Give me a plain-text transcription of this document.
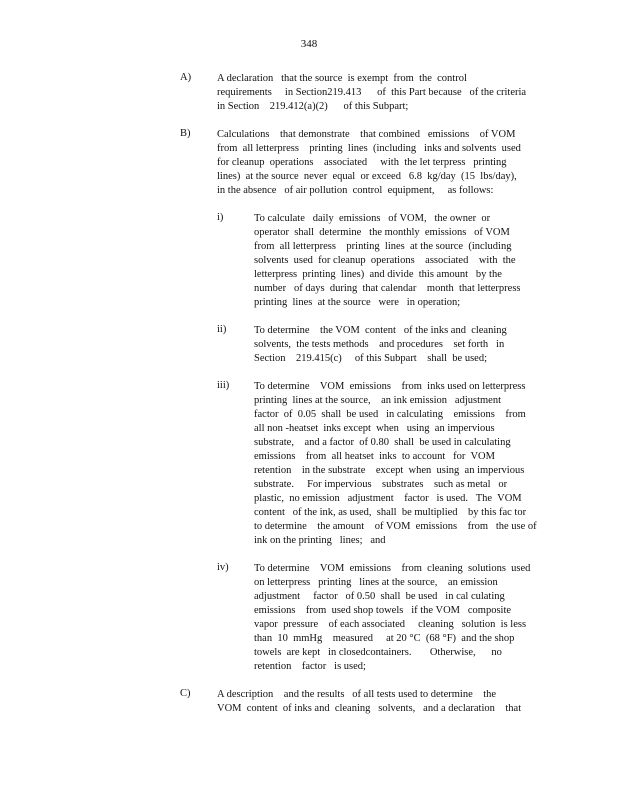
348
A) A declaration   that the source  is exempt  from  the  control
requirements     in Section219.413      of  this Part because   of the criteria
in Section    219.412(a)(2)      of this Subpart;
B)	Calculations    that demonstrate    that combined   emissions    of VOM
from  all letterpress    printing  lines  (including   inks and solvents  used
for cleanup  operations    associated     with  the let terpress   printing
lines)  at the source  never  equal  or exceed   6.8  kg/day  (15  lbs/day),
in the absence   of air pollution  control  equipment,     as follows:
i)	To calculate   daily  emissions   of VOM,   the owner  or
operator  shall  determine   the monthly  emissions   of VOM
from  all letterpress    printing  lines  at the source  (including
solvents  used  for cleanup  operations    associated    with  the
letterpress  printing  lines)  and divide  this amount   by the
number   of days  during  that calendar    month  that letterpress
printing  lines  at the source   were   in operation;
ii)	To determine    the VOM  content   of the inks and  cleaning
solvents,  the tests methods    and procedures    set forth   in
Section    219.415(c)     of this Subpart    shall  be used;
iii) To determine    VOM  emissions    from  inks used on letterpress
printing  lines at the source,    an ink emission   adjustment
factor  of  0.05  shall  be used   in calculating    emissions    from
all non -heatset  inks except  when   using  an impervious
substrate,    and a factor  of 0.80  shall  be used in calculating
emissions    from  all heatset  inks  to account   for  VOM
retention    in the substrate    except  when  using  an impervious
substrate.     For impervious    substrates    such as metal   or
plastic,  no emission   adjustment    factor   is used.   The  VOM
content   of the ink, as used,  shall  be multiplied    by this fac tor
to determine    the amount    of VOM  emissions    from   the use of
ink on the printing   lines;   and
iv) To determine    VOM  emissions    from  cleaning  solutions  used
on letterpress   printing   lines at the source,    an emission
adjustment     factor   of 0.50  shall  be used   in cal culating
emissions    from  used shop towels   if the VOM   composite
vapor  pressure    of each associated     cleaning   solution  is less
than  10  mmHg    measured     at 20 °C  (68 °F)  and the shop
towels  are kept   in closedcontainers.       Otherwise,      no
retention    factor   is used;
C)	A description    and the results   of all tests used to determine    the
VOM  content  of inks and  cleaning   solvents,   and a declaration    that
